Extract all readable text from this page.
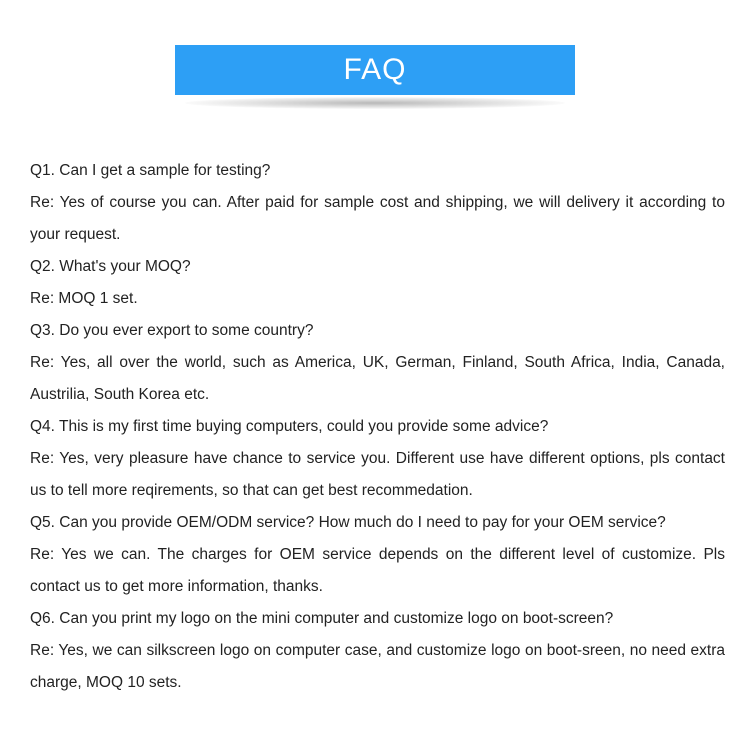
FAQ
Q1. Can I get a sample for testing?
Re: Yes of course you can. After paid for sample cost and shipping, we will delivery it according to your request.
Q2. What's your MOQ?
Re: MOQ 1 set.
Q3. Do you ever export to some country?
Re: Yes, all over the world, such as America, UK, German, Finland, South Africa, India, Canada, Austrilia, South Korea etc.
Q4. This is my first time buying computers, could you provide some advice?
Re: Yes, very pleasure have chance to service you. Different use have different options, pls contact us to tell more reqirements, so that can get best recommedation.
Q5. Can you provide OEM/ODM service? How much do I need to pay for your OEM service?
Re: Yes we can. The charges for OEM service depends on the different level of customize. Pls contact us to get more information, thanks.
Q6. Can you print my logo on the mini computer and customize logo on boot-screen?
Re: Yes, we can silkscreen logo on computer case, and customize logo on boot-sreen, no need extra charge, MOQ 10 sets.
